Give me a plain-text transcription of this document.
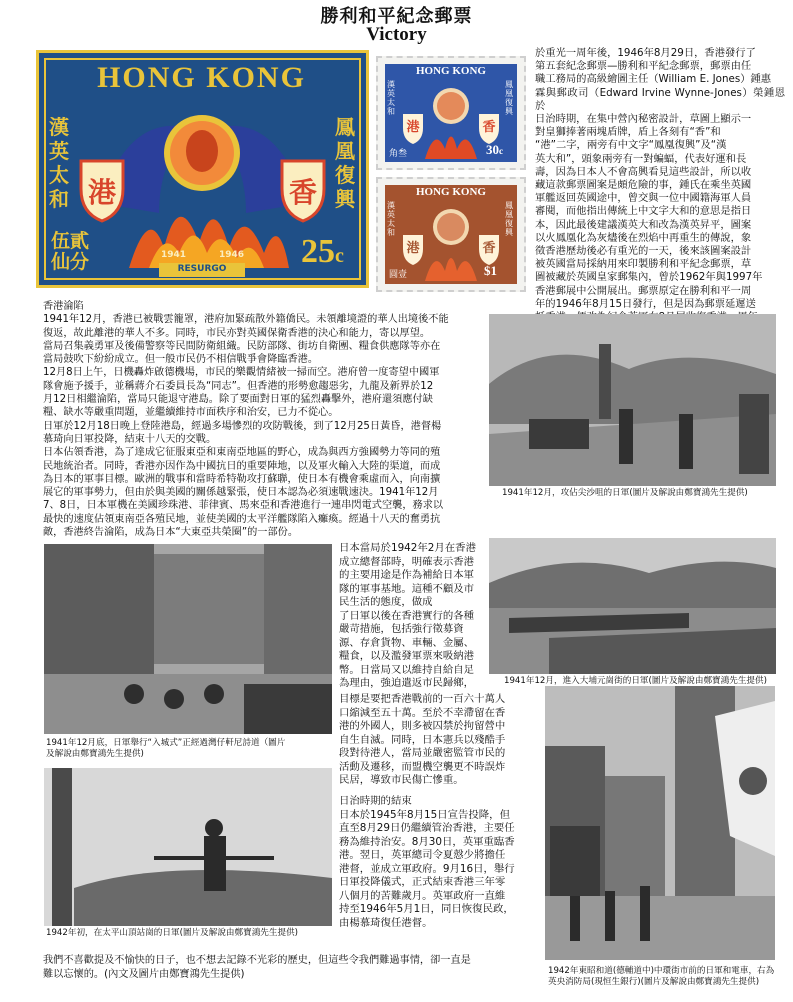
勝利和平紀念郵票
Victory
HONG KONG
漢英太和
鳳凰復興
港	香
伍貳仙分	25c
1941	1946
RESURGO
HONG KONG
漢英太和
鳳凰復興
港	香
角叁	30c
HONG KONG
漢英太和
鳳凰復興
港	香
圓壹	$1
於重光一周年後，1946年8月29日，香港發行了
第五套紀念郵票—勝利和平紀念郵票，郵票由任
職工務局的高級繪圖主任（William E. Jones）鍾惠
霖與郵政司（Edward Irvine Wynne-Jones）榮鍾恩於
日治時期，在集中營內秘密設計，草圖上顯示一
對皇獅捧著兩塊盾牌，盾上各刻有“香”和
“港”二字，兩旁有中文字“鳳凰復興”及“漢
英大和”，頭象兩旁有一對蝙蝠，代表好運和長
壽，因為日本人不會高興看見這些設計，所以收
藏這款郵票圖案是頗危險的事，鍾氏在乘坐英國
軍艦返回英國途中，曾交與一位中國籍海軍人員
審閱，而他指出傳統上中文字大和的意思是指日
本，因此最後建議漢英大和改為漢英昇平，圖案
以火鳳凰化為灰燼後在烈焰中再重生的傳說，象
徵香港歷劫後必有重光的一天，後來該圖案設計
被英國當局採納用來印製勝利和平紀念郵票，草
圖被藏於英國皇家郵集內，曾於1962年與1997年
香港郵展中公開展出。郵票原定在勝利和平一周
年的1946年8月15日發行，但是因為郵票延遲送
香港淪陷
1941年12月，香港已被戰雲籠罩，港府加緊疏散外籍僑民。未領離境證的華人出境後不能
復返，故此離港的華人不多。同時，市民亦對英國保衛香港的決心和能力，寄以厚望。
當局召集義勇軍及後備警察等民間防衛組織。民防部隊、街坊自衛團、糧食供應隊等亦在
當局鼓吹下紛紛成立。但一般市民仍不相信戰爭會降臨香港。
12月8日上午，日機轟炸啟德機場，市民的樂觀情緒被一掃而空。港府曾一度寄望中國軍
隊會施予援手，並稱蔣介石委員長為“同志”。但香港的形勢愈趨惡劣，九龍及新界於12
月12日相繼淪陷，當局只能退守港島。除了要面對日軍的猛烈轟擊外，港府還須應付缺
糧、缺水等嚴重問題，並繼續維持市面秩序和治安，已力不從心。
日軍於12月18日晚上登陸港島，經過多場慘烈的攻防戰後，到了12月25日黃昏，港督楊
慕琦向日軍投降，結束十八天的交戰。
日本佔領香港，為了達成它征服東亞和東南亞地區的野心，成為與西方強國勢力等同的殖
民地統治者。同時，香港亦因作為中國抗日的重要陣地，以及軍火輸入大陸的渠道，而成
為日本的軍事目標。歐洲的戰事和當時希特勒攻打蘇聯，使日本有機會乘虛而入，向南擴
展它的軍事勢力，但由於與美國的關係越緊張，使日本認為必須速戰速決。1941年12月
7、8日，日本軍機在美國珍珠港、菲律賓、馬來亞和香港進行一連串閃電式空襲，務求以
最快的速度佔領東南亞各殖民地，並使美國的太平洋艦隊陷入癱瘓。經過十八天的奮勇抗
敵，香港終告淪陷，成為日本“大東亞共榮圈”的一部份。
1941年12月，攻佔尖沙咀的日軍(圖片及解說由鄭寶鴻先生提供)
1941年12月，進入大埔元崗街的日軍(圖片及解說由鄭寶鴻先生提供)
1941年12月底，日軍舉行“入城式”正經過灣仔軒尼詩道（圖片
及解說由鄭寶鴻先生提供)
日本當局於1942年2月在香港
成立總督部時，明確表示香港
的主要用途是作為補給日本軍
隊的軍事基地。這種不顧及市
民生活的態度，做成
了日軍以後在香港實行的各種
嚴苛措施，包括強行徵募資
源、存倉貨物、車輛、金屬、
糧食，以及濫發軍票來吸納港
幣。日當局又以維持自給自足
為理由，強迫遣返市民歸鄉，
目標是要把香港戰前的一百六十萬人
口縮減至五十萬。至於不幸滯留在香
港的外國人，則多被囚禁於拘留營中
自生自滅。同時，日本憲兵以殘酷手
段對待港人，當局並嚴密監管市民的
活動及遷移，而盟機空襲更不時誤炸
民居，導致市民傷亡慘重。
1942年初，在太平山頂站崗的日軍(圖片及解說由鄭寶鴻先生提供)
日治時期的結束
日本於1945年8月15日宣告投降，但
直至8月29日仍繼續管治香港，主要任
務為維持治安。8月30日，英軍重臨香
港。翌日，英軍總司令夏慤少將擔任
港督，並成立軍政府。9月16日，舉行
日軍投降儀式，正式結束香港三年零
八個月的苦難歲月。英軍政府一直維
持至1946年5月1日，同日恢復民政，
由楊慕琦復任港督。
1942年東昭和道(德輔道中)中環街市前的日軍和電車，右為
英央消防局(現恒生銀行)(圖片及解說由鄭寶鴻先生提供)
我們不喜歡提及不愉快的日子，也不想去記錄不光彩的歷史，但這些令我們難過事情，卻一直是
難以忘懷的。(內文及圖片由鄭寶鴻先生提供)
